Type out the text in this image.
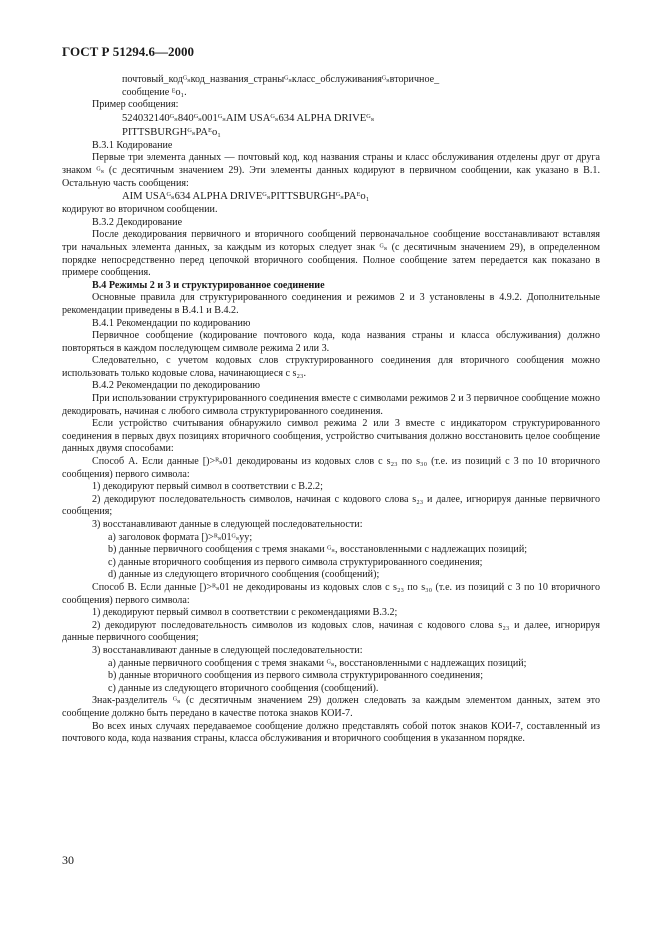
ГОСТ Р 51294.6—2000

почтовый_кодᴳₛкод_названия_страныᴳₛкласс_обслуживанияᴳₛвторичное_

сообщение ᴱo₁.

Пример сообщения:

524032140ᴳₛ840ᴳₛ001ᴳₛAIM USAᴳₛ634 ALPHA DRIVEᴳₛ

PITTSBURGHᴳₛPAᴱo₁

В.3.1 Кодирование

Первые три элемента данных — почтовый код, код названия страны и класс обслуживания отделены друг от друга знаком ᴳₛ (с десятичным значением 29). Эти элементы данных кодируют в первичном сообщении, как указано в В.1. Остальную часть сообщения:

AIM USAᴳₛ634 ALPHA DRIVEᴳₛPITTSBURGHᴳₛPAᴱo₁

кодируют во вторичном сообщении.

В.3.2 Декодирование

После декодирования первичного и вторичного сообщений первоначальное сообщение восстанавливают вставляя три начальных элемента данных, за каждым из которых следует знак ᴳₛ (с десятичным значением 29), в определенном порядке непосредственно перед цепочкой вторичного сообщения. Полное сообщение затем передается как показано в примере сообщения.

В.4 Режимы 2 и 3 и структурированное соединение

Основные правила для структурированного соединения и режимов 2 и 3 установлены в 4.9.2. Дополнительные рекомендации приведены в В.4.1 и В.4.2.

В.4.1 Рекомендации по кодированию

Первичное сообщение (кодирование почтового кода, кода названия страны и класса обслуживания) должно повторяться в каждом последующем символе режима 2 или 3.

Следовательно, с учетом кодовых слов структурированного соединения для вторичного сообщения можно использовать только кодовые слова, начинающиеся с s₂₃.

В.4.2 Рекомендации по декодированию

При использовании структурированного соединения вместе с символами режимов 2 и 3 первичное сообщение можно декодировать, начиная с любого символа структурированного соединения.

Если устройство считывания обнаружило символ режима 2 или 3 вместе с индикатором структурированного соединения в первых двух позициях вторичного сообщения, устройство считывания должно восстановить целое сообщение данных двумя способами:

Способ А. Если данные [)>ᴿₛ01 декодированы из кодовых слов с s₂₃ по s₃₀ (т.е. из позиций с 3 по 10 вторичного сообщения) первого символа:

1) декодируют первый символ в соответствии с В.2.2;

2) декодируют последовательность символов, начиная с кодового слова s₂₃ и далее, игнорируя данные первичного сообщения;

3) восстанавливают данные в следующей последовательности:

а) заголовок формата [)>ᴿₛ01ᴳₛyy;

b) данные первичного сообщения с тремя знаками ᴳₛ, восстановленными с надлежащих позиций;

с) данные вторичного сообщения из первого символа структурированного соединения;

d) данные из следующего вторичного сообщения (сообщений);

Способ В. Если данные [)>ᴿₛ01 не декодированы из кодовых слов с s₂₃ по s₃₀ (т.е. из позиций с 3 по 10 вторичного сообщения) первого символа:

1) декодируют первый символ в соответствии с рекомендациями В.3.2;

2) декодируют последовательность символов из кодовых слов, начиная с кодового слова s₂₃ и далее, игнорируя данные первичного сообщения;

3) восстанавливают данные в следующей последовательности:

а) данные первичного сообщения с тремя знаками ᴳₛ, восстановленными с надлежащих позиций;

b) данные вторичного сообщения из первого символа структурированного соединения;

с) данные из следующего вторичного сообщения (сообщений).

Знак-разделитель ᴳₛ (с десятичным значением 29) должен следовать за каждым элементом данных, затем это сообщение должно быть передано в качестве потока знаков КОИ-7.

Во всех иных случаях передаваемое сообщение должно представлять собой поток знаков КОИ-7, составленный из почтового кода, кода названия страны, класса обслуживания и вторичного сообщения в указанном порядке.

30
